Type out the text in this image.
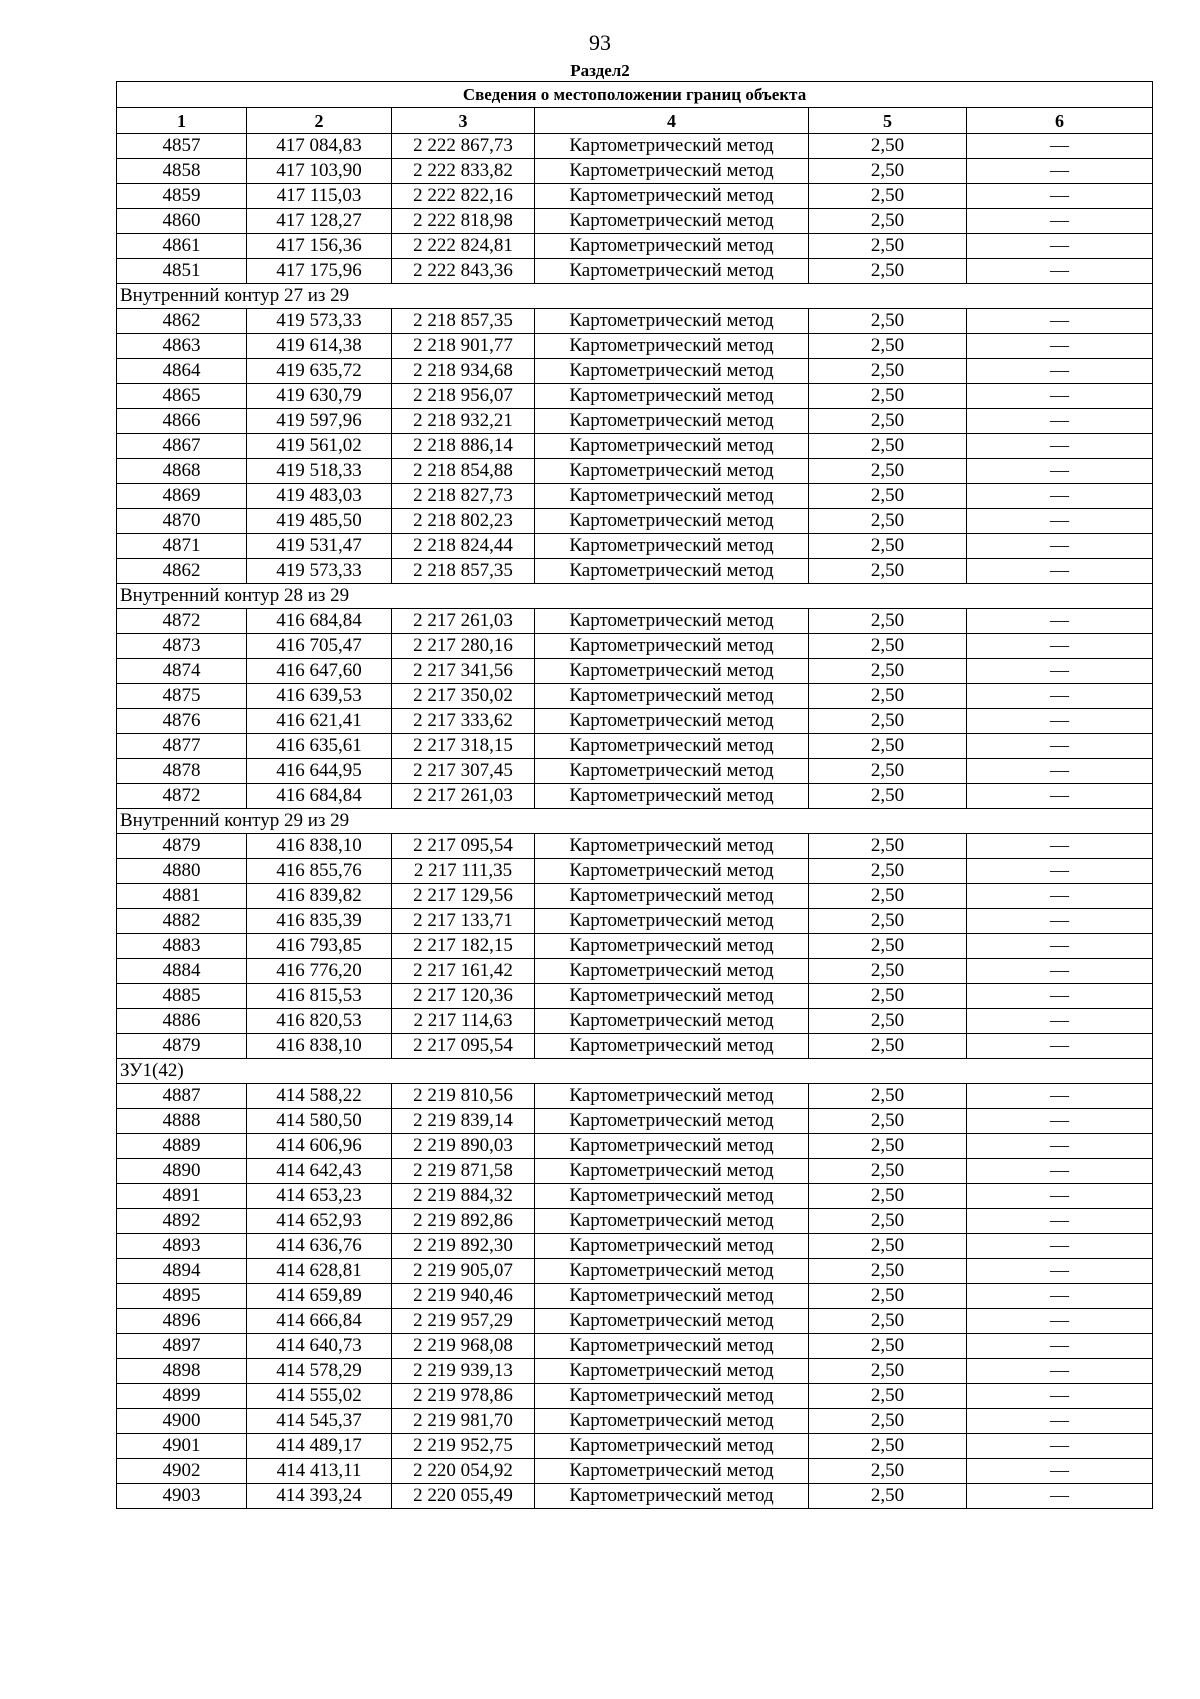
93
Раздел2
Сведения о местоположении границ объекта					
1	2	3	4	5	6
4857	417 084,83	2 222 867,73	Картометрический метод	2,50	—
4858	417 103,90	2 222 833,82	Картометрический метод	2,50	—
4859	417 115,03	2 222 822,16	Картометрический метод	2,50	—
4860	417 128,27	2 222 818,98	Картометрический метод	2,50	—
4861	417 156,36	2 222 824,81	Картометрический метод	2,50	—
4851	417 175,96	2 222 843,36	Картометрический метод	2,50	—
Внутренний контур 27 из 29					
4862	419 573,33	2 218 857,35	Картометрический метод	2,50	—
4863	419 614,38	2 218 901,77	Картометрический метод	2,50	—
4864	419 635,72	2 218 934,68	Картометрический метод	2,50	—
4865	419 630,79	2 218 956,07	Картометрический метод	2,50	—
4866	419 597,96	2 218 932,21	Картометрический метод	2,50	—
4867	419 561,02	2 218 886,14	Картометрический метод	2,50	—
4868	419 518,33	2 218 854,88	Картометрический метод	2,50	—
4869	419 483,03	2 218 827,73	Картометрический метод	2,50	—
4870	419 485,50	2 218 802,23	Картометрический метод	2,50	—
4871	419 531,47	2 218 824,44	Картометрический метод	2,50	—
4862	419 573,33	2 218 857,35	Картометрический метод	2,50	—
Внутренний контур 28 из 29					
4872	416 684,84	2 217 261,03	Картометрический метод	2,50	—
4873	416 705,47	2 217 280,16	Картометрический метод	2,50	—
4874	416 647,60	2 217 341,56	Картометрический метод	2,50	—
4875	416 639,53	2 217 350,02	Картометрический метод	2,50	—
4876	416 621,41	2 217 333,62	Картометрический метод	2,50	—
4877	416 635,61	2 217 318,15	Картометрический метод	2,50	—
4878	416 644,95	2 217 307,45	Картометрический метод	2,50	—
4872	416 684,84	2 217 261,03	Картометрический метод	2,50	—
Внутренний контур 29 из 29					
4879	416 838,10	2 217 095,54	Картометрический метод	2,50	—
4880	416 855,76	2 217 111,35	Картометрический метод	2,50	—
4881	416 839,82	2 217 129,56	Картометрический метод	2,50	—
4882	416 835,39	2 217 133,71	Картометрический метод	2,50	—
4883	416 793,85	2 217 182,15	Картометрический метод	2,50	—
4884	416 776,20	2 217 161,42	Картометрический метод	2,50	—
4885	416 815,53	2 217 120,36	Картометрический метод	2,50	—
4886	416 820,53	2 217 114,63	Картометрический метод	2,50	—
4879	416 838,10	2 217 095,54	Картометрический метод	2,50	—
ЗУ1(42)					
4887	414 588,22	2 219 810,56	Картометрический метод	2,50	—
4888	414 580,50	2 219 839,14	Картометрический метод	2,50	—
4889	414 606,96	2 219 890,03	Картометрический метод	2,50	—
4890	414 642,43	2 219 871,58	Картометрический метод	2,50	—
4891	414 653,23	2 219 884,32	Картометрический метод	2,50	—
4892	414 652,93	2 219 892,86	Картометрический метод	2,50	—
4893	414 636,76	2 219 892,30	Картометрический метод	2,50	—
4894	414 628,81	2 219 905,07	Картометрический метод	2,50	—
4895	414 659,89	2 219 940,46	Картометрический метод	2,50	—
4896	414 666,84	2 219 957,29	Картометрический метод	2,50	—
4897	414 640,73	2 219 968,08	Картометрический метод	2,50	—
4898	414 578,29	2 219 939,13	Картометрический метод	2,50	—
4899	414 555,02	2 219 978,86	Картометрический метод	2,50	—
4900	414 545,37	2 219 981,70	Картометрический метод	2,50	—
4901	414 489,17	2 219 952,75	Картометрический метод	2,50	—
4902	414 413,11	2 220 054,92	Картометрический метод	2,50	—
4903	414 393,24	2 220 055,49	Картометрический метод	2,50	—
